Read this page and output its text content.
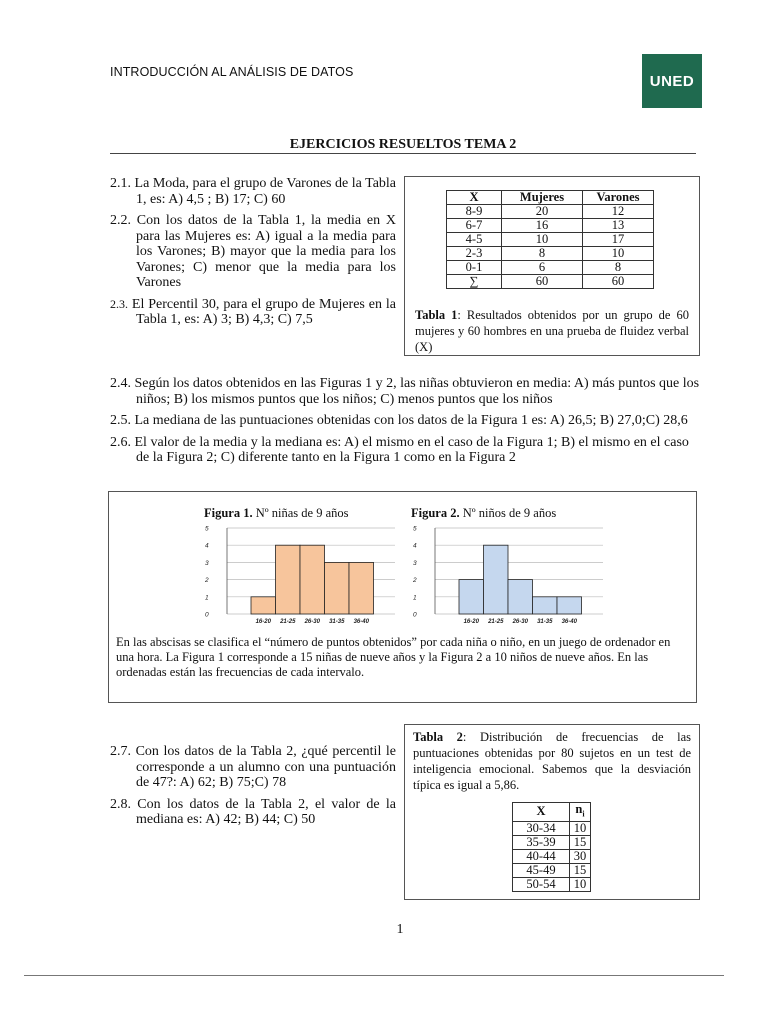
INTRODUCCIÓN AL ANÁLISIS DE DATOS
UNED
EJERCICIOS RESUELTOS TEMA 2
2.1. La Moda, para el grupo de Varones de la Tabla 1, es: A) 4,5 ; B) 17; C) 60
2.2. Con los datos de la Tabla 1, la media en X para las Mujeres es: A) igual a la media para los Varones; B) mayor que la media para los Varones; C) menor que la media para los Varones
2.3. El Percentil 30, para el grupo de Mujeres en la Tabla 1, es: A) 3; B) 4,3; C) 7,5
X	Mujeres	Varones
8-9	20	12
6-7	16	13
4-5	10	17
2-3	8	10
0-1	6	8
∑	60	60
Tabla 1: Resultados obtenidos por un grupo de 60 mujeres y 60 hombres en una prueba de fluidez verbal (X)
2.4. Según los datos obtenidos en las Figuras 1 y 2, las niñas obtuvieron en media: A) más puntos que los niños; B) los mismos puntos que los niños; C) menos puntos que los niños
2.5. La mediana de las puntuaciones obtenidas con los datos de la Figura 1 es: A) 26,5; B) 27,0;C) 28,6
2.6. El valor de la media y la mediana es: A) el mismo en el caso de la Figura 1; B) el mismo en el caso de la Figura 2; C) diferente tanto en la Figura 1 como en la Figura 2
Figura 1. Nº niñas de 9 años	Figura 2. Nº niños de 9 años
0
1
2
3
4
5
16-20 21-25 26-30 31-35 36-40
0
1
2
3
4
5
16-20 21-25 26-30 31-35 36-40
En las abscisas se clasifica el “número de puntos obtenidos” por cada niña o niño, en un juego de ordenador en una hora. La Figura 1 corresponde a 15 niñas de nueve años y la Figura 2 a 10 niños de nueve años. En las ordenadas están las frecuencias de cada intervalo.
2.7. Con los datos de la Tabla 2, ¿qué percentil le corresponde a un alumno con una puntuación de 47?: A) 62; B) 75;C) 78
2.8. Con los datos de la Tabla 2, el valor de la mediana es: A) 42; B) 44; C) 50
Tabla 2: Distribución de frecuencias de las puntuaciones obtenidas por 80 sujetos en un test de inteligencia emocional. Sabemos que la desviación típica es igual a 5,86.
X	$n_i$
30-34	10
35-39	15
40-44	30
45-49	15
50-54	10
1
